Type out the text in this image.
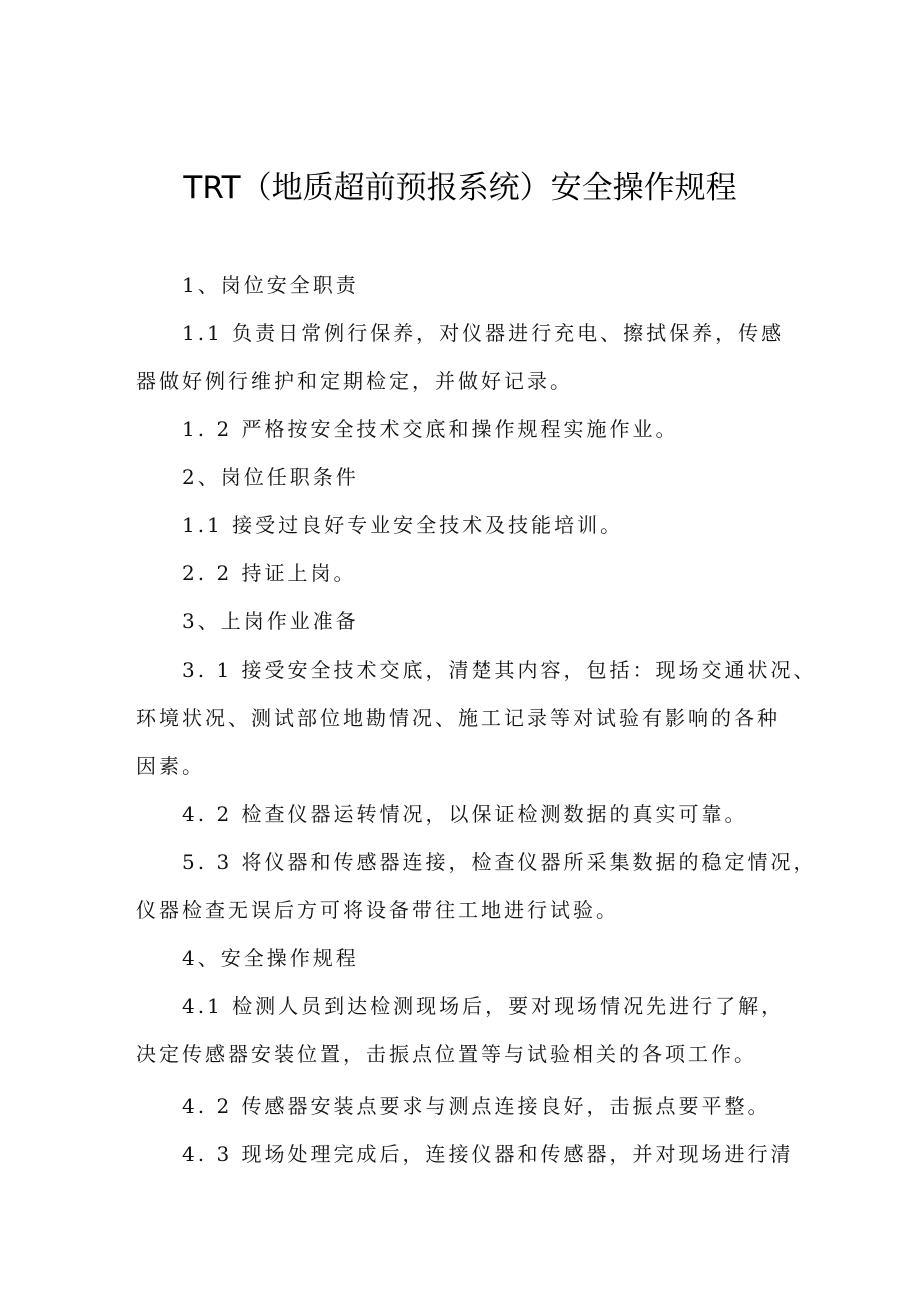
TRT（地质超前预报系统）安全操作规程
1、岗位安全职责
1.1 负责日常例行保养，对仪器进行充电、擦拭保养，传感
器做好例行维护和定期检定，并做好记录。
1. 2 严格按安全技术交底和操作规程实施作业。
2、岗位任职条件
1.1 接受过良好专业安全技术及技能培训。
2. 2 持证上岗。
3、上岗作业准备
3. 1 接受安全技术交底，清楚其内容，包括：现场交通状况、
环境状况、测试部位地勘情况、施工记录等对试验有影响的各种
因素。
4. 2 检查仪器运转情况，以保证检测数据的真实可靠。
5. 3 将仪器和传感器连接，检查仪器所采集数据的稳定情况，
仪器检查无误后方可将设备带往工地进行试验。
4、安全操作规程
4.1 检测人员到达检测现场后，要对现场情况先进行了解，
决定传感器安装位置，击振点位置等与试验相关的各项工作。
4. 2 传感器安装点要求与测点连接良好，击振点要平整。
4. 3 现场处理完成后，连接仪器和传感器，并对现场进行清
